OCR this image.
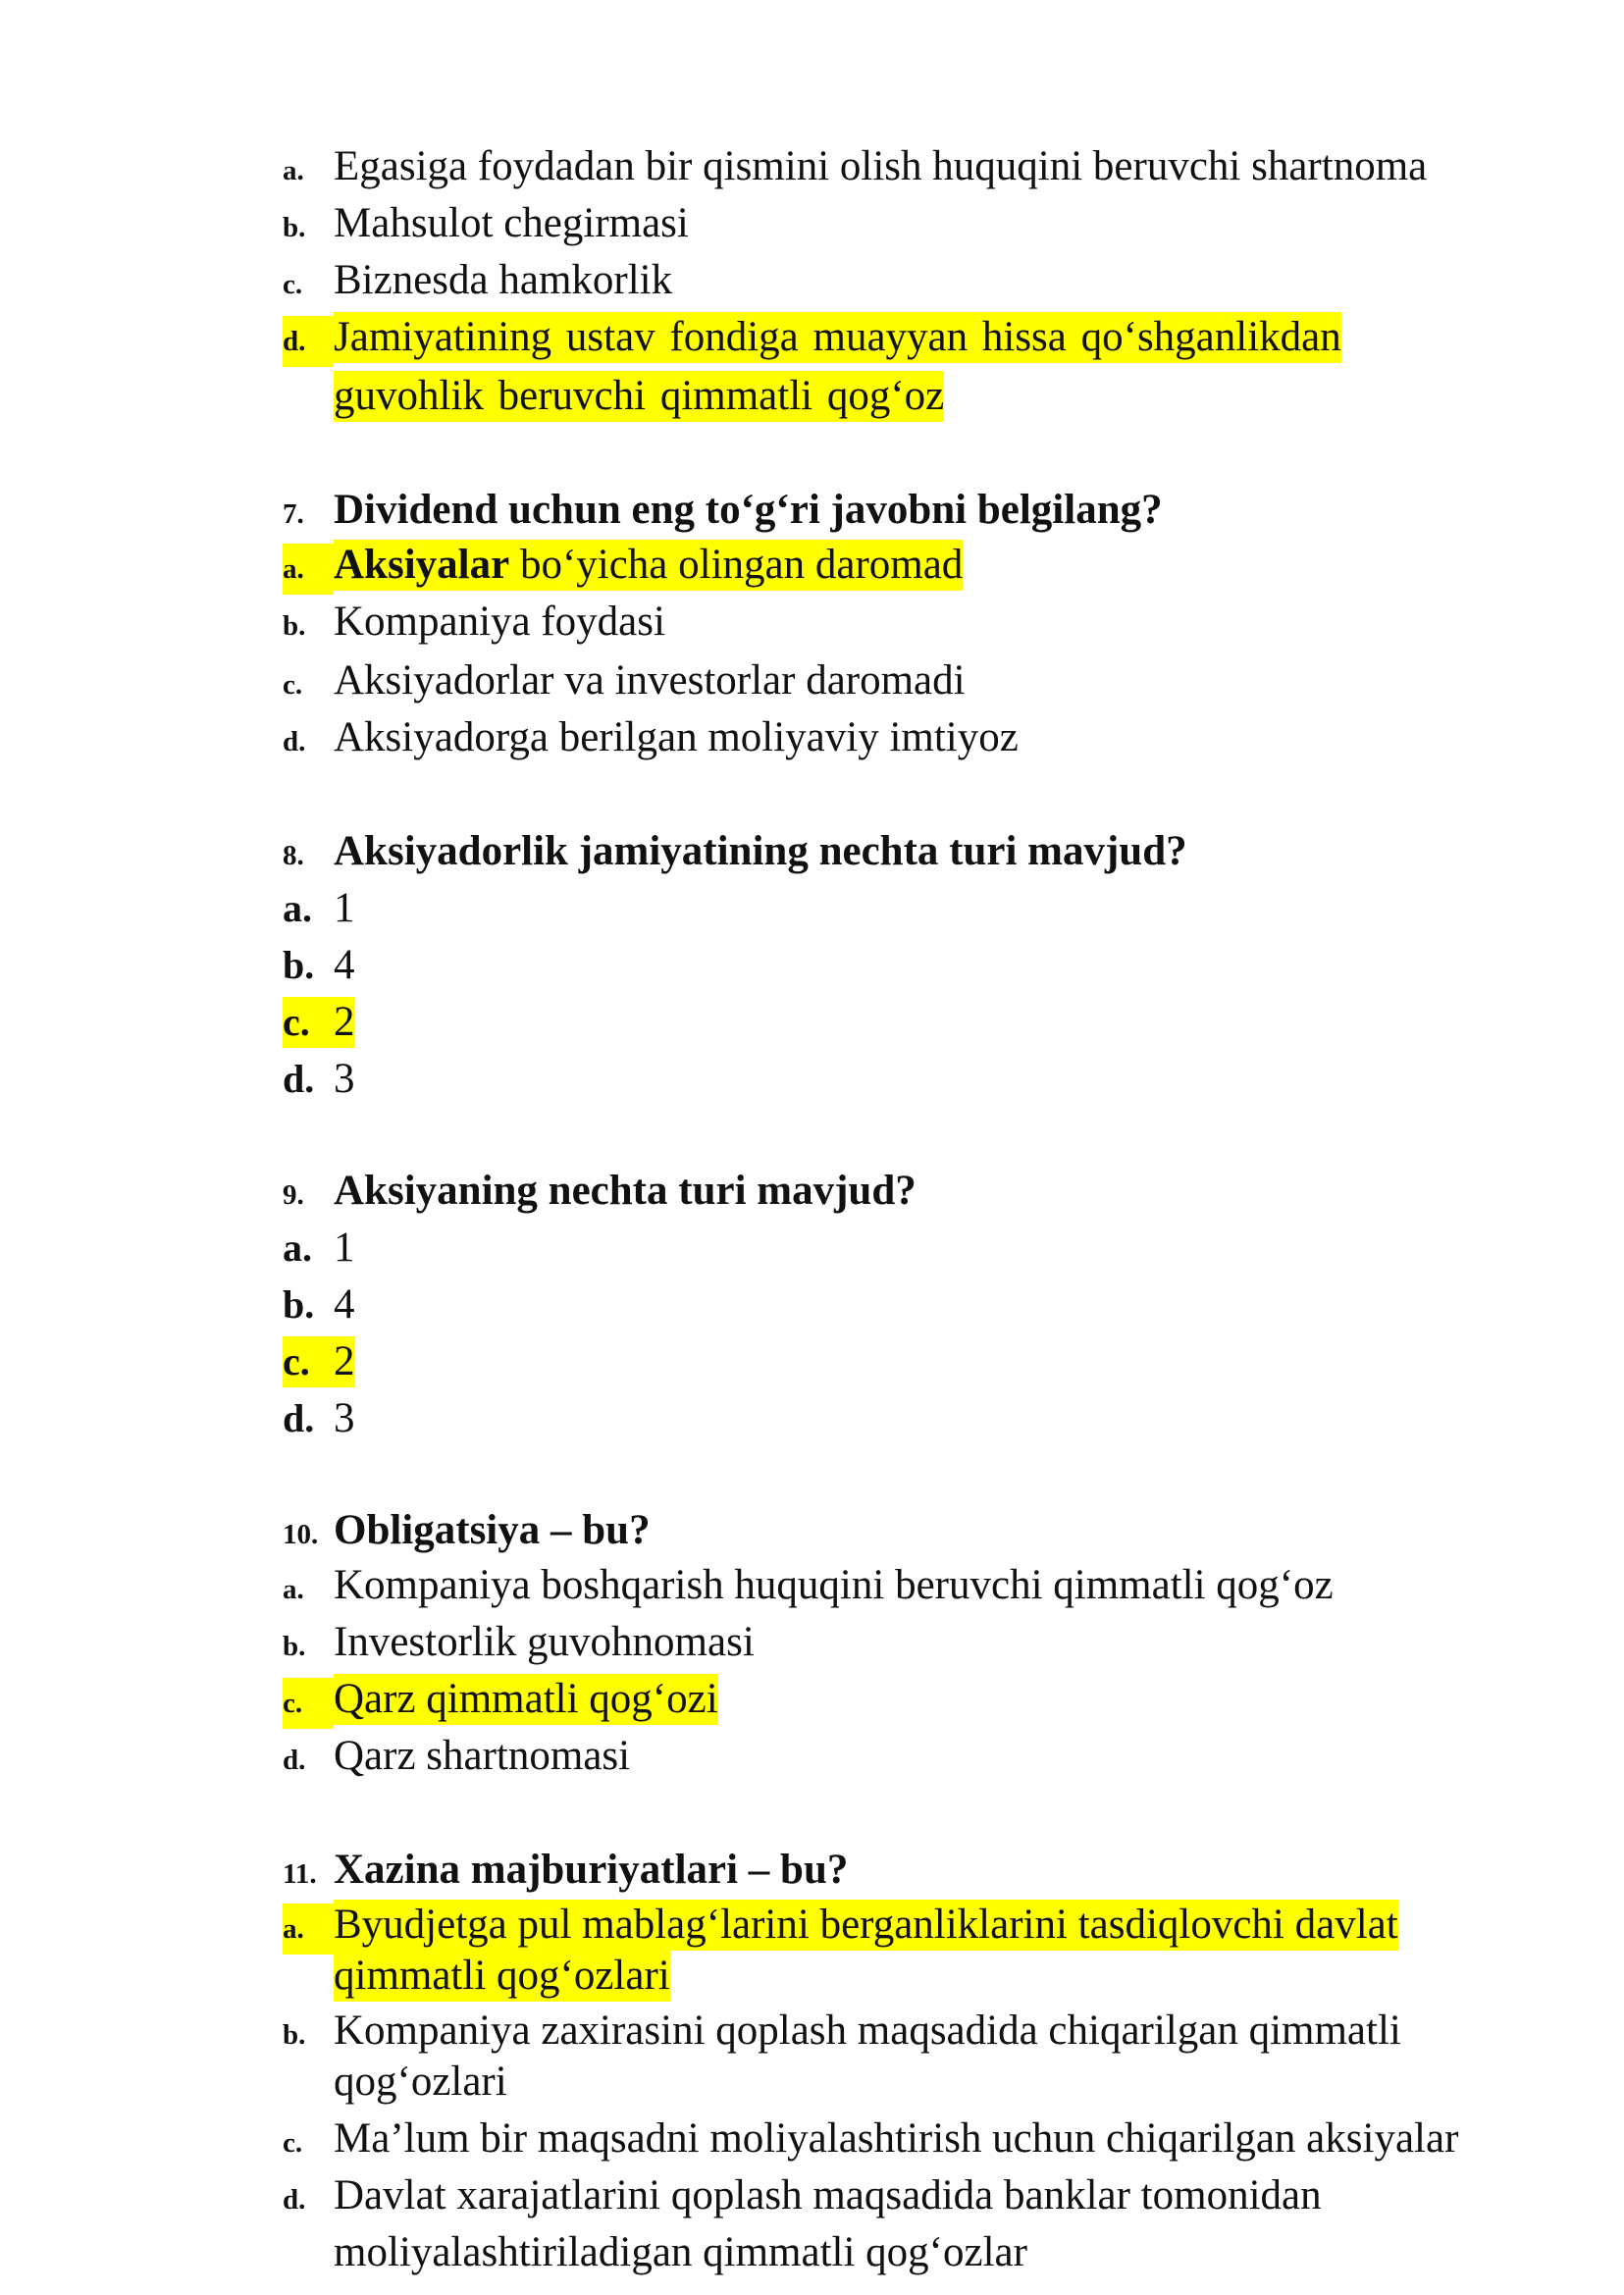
a. Egasiga foydadan bir qismini olish huquqini beruvchi shartnoma
b. Mahsulot chegirmasi
c. Biznesda hamkorlik
d. Jamiyatining ustav fondiga muayyan hissa qo‘shganlikdan
guvohlik beruvchi qimmatli qog‘oz
7. Dividend uchun eng to‘g‘ri javobni belgilang?
a. Aksiyalar bo‘yicha olingan daromad
b. Kompaniya foydasi
c. Aksiyadorlar va investorlar daromadi
d. Aksiyadorga berilgan moliyaviy imtiyoz
8. Aksiyadorlik jamiyatining nechta turi mavjud?
a. 1
b. 4
c. 2
d. 3
9. Aksiyaning nechta turi mavjud?
a. 1
b. 4
c. 2
d. 3
10. Obligatsiya – bu?
a. Kompaniya boshqarish huquqini beruvchi qimmatli qog‘oz
b. Investorlik guvohnomasi
c. Qarz qimmatli qog‘ozi
d. Qarz shartnomasi
11. Xazina majburiyatlari – bu?
a. Byudjetga pul mablag‘larini berganliklarini tasdiqlovchi davlat
qimmatli qog‘ozlari
b. Kompaniya zaxirasini qoplash maqsadida chiqarilgan qimmatli
qog‘ozlari
c. Ma’lum bir maqsadni moliyalashtirish uchun chiqarilgan aksiyalar
d. Davlat xarajatlarini qoplash maqsadida banklar tomonidan
moliyalashtiriladigan qimmatli qog‘ozlar
